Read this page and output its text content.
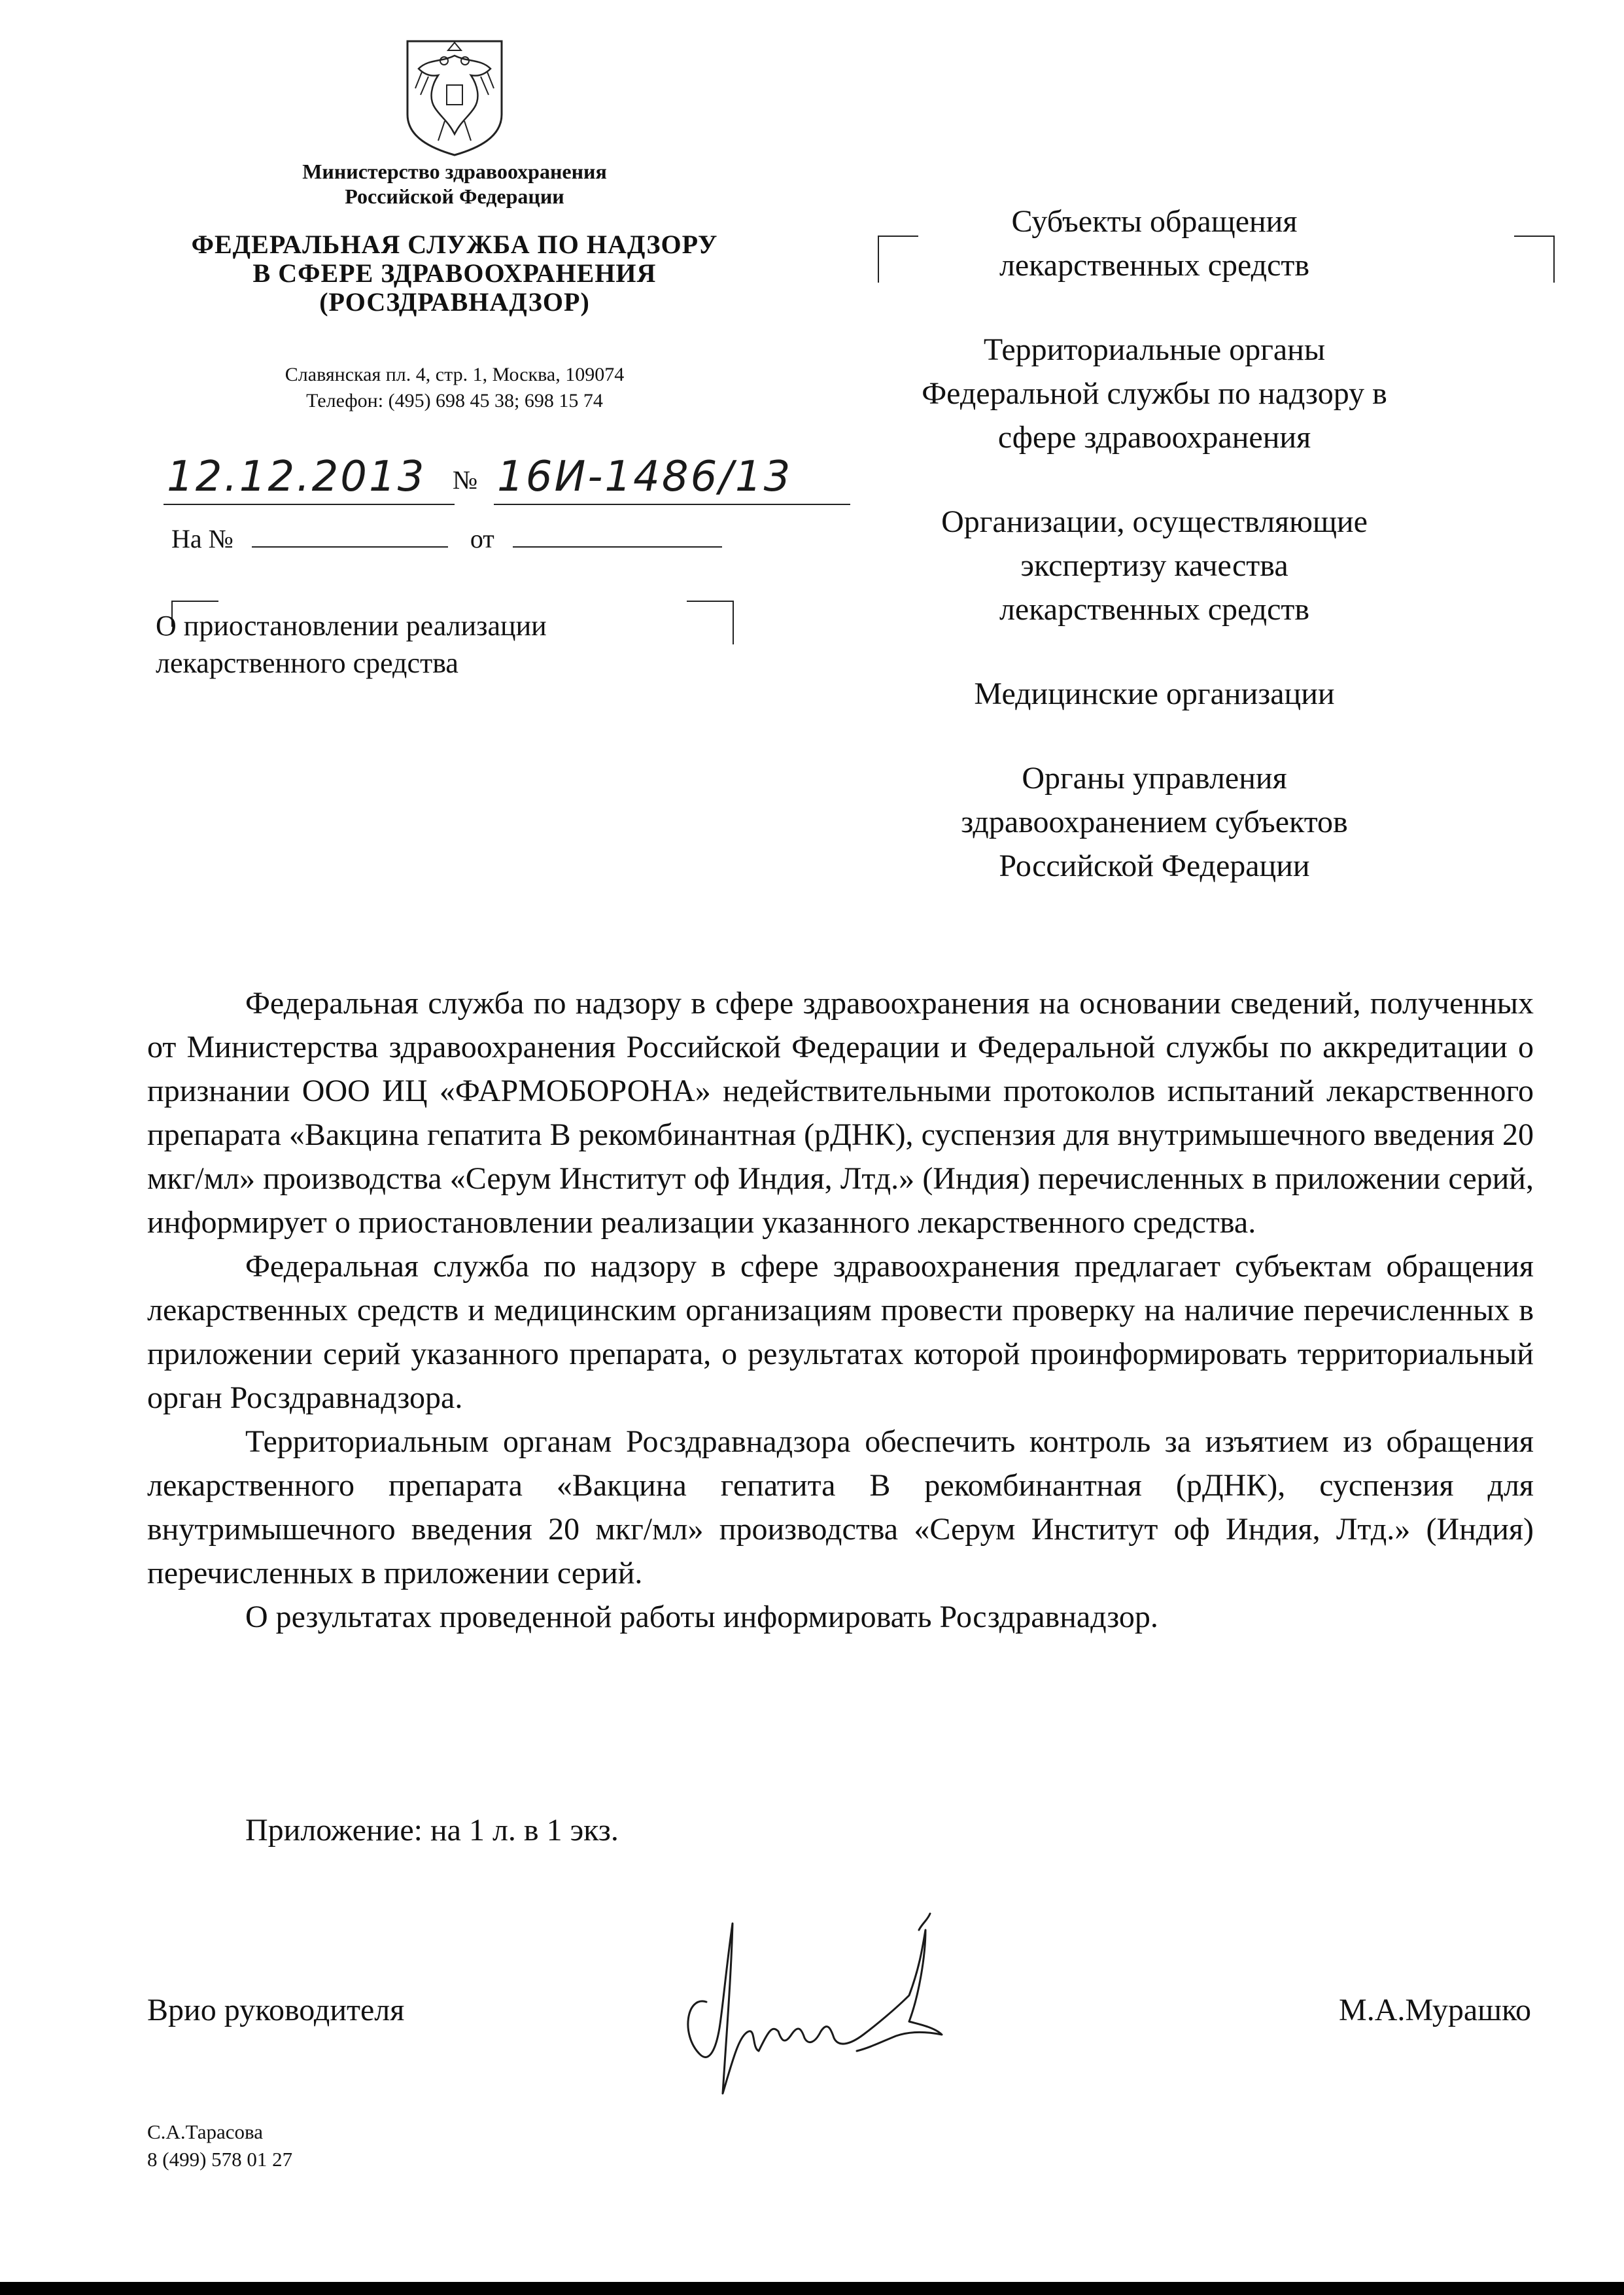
Министерство здравоохранения
Российской Федерации
ФЕДЕРАЛЬНАЯ СЛУЖБА ПО НАДЗОРУ
В СФЕРЕ ЗДРАВООХРАНЕНИЯ
(РОСЗДРАВНАДЗОР)
Славянская пл. 4, стр. 1, Москва, 109074
Телефон: (495) 698 45 38; 698 15 74
12.12.2013 № 16И-1486/13
На №	от
О приостановлении реализации
лекарственного средства
Субъекты обращения
лекарственных средств
Территориальные органы
Федеральной службы по надзору в
сфере здравоохранения
Организации, осуществляющие
экспертизу качества
лекарственных средств
Медицинские организации
Органы управления
здравоохранением субъектов
Российской Федерации

Федеральная служба по надзору в сфере здравоохранения на основании сведений, полученных от Министерства здравоохранения Российской Федерации и Федеральной службы по аккредитации о признании ООО ИЦ «ФАРМОБОРОНА» недействительными протоколов испытаний лекарственного препарата «Вакцина гепатита В рекомбинантная (рДНК), суспензия для внутримышечного введения 20 мкг/мл» производства «Серум Институт оф Индия, Лтд.» (Индия) перечисленных в приложении серий, информирует о приостановлении реализации указанного лекарственного средства.

Федеральная служба по надзору в сфере здравоохранения предлагает субъектам обращения лекарственных средств и медицинским организациям провести проверку на наличие перечисленных в приложении серий указанного препарата, о результатах которой проинформировать территориальный орган Росздравнадзора.

Территориальным органам Росздравнадзора обеспечить контроль за изъятием из обращения лекарственного препарата «Вакцина гепатита В рекомбинантная (рДНК), суспензия для внутримышечного введения 20 мкг/мл» производства «Серум Институт оф Индия, Лтд.» (Индия) перечисленных в приложении серий.

О результатах проведенной работы информировать Росздравнадзор.

Приложение: на 1 л. в 1 экз.
Врио руководителя	М.А.Мурашко
С.А.Тарасова
8 (499) 578 01 27
